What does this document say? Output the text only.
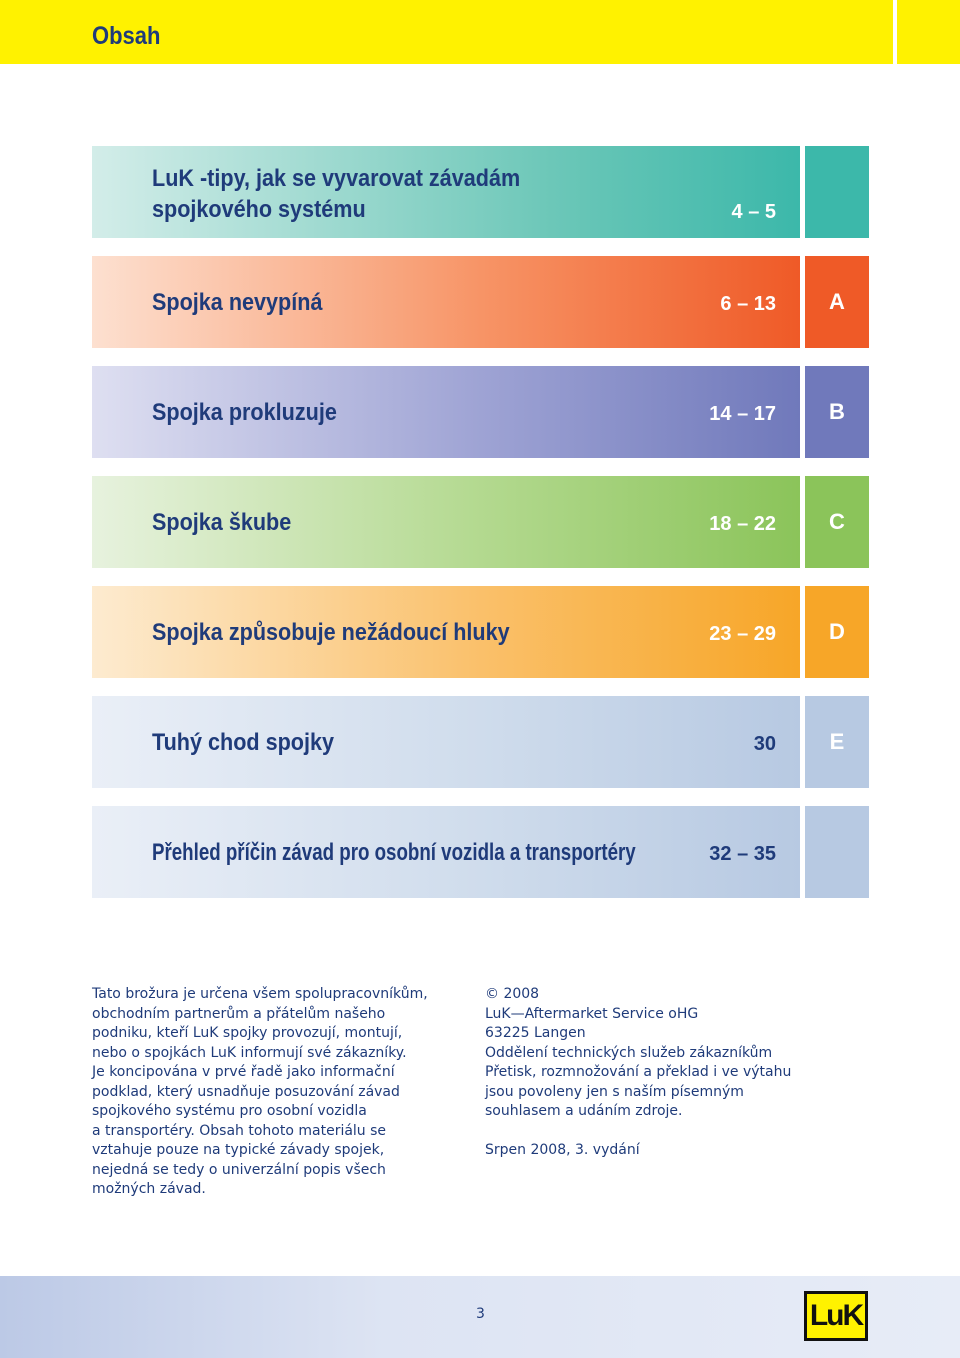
Obsah
LuK -tipy, jak se vyvarovat závadám
spojkového systému	4 – 5
Spojka nevypíná	6 – 13	A
Spojka prokluzuje	14 – 17	B
Spojka škube	18 – 22	C
Spojka způsobuje nežádoucí hluky	23 – 29	D
Tuhý chod spojky	30	E
Přehled příčin závad pro osobní vozidla a transportéry	32 – 35

Tato brožura je určena všem spolupracovníkům,

obchodním partnerům a přátelům našeho

podniku, kteří LuK spojky provozují, montují,

nebo o spojkách LuK informují své zákazníky.

Je koncipována v prvé řadě jako informační

podklad, který usnadňuje posuzování závad

spojkového systému pro osobní vozidla

a transportéry. Obsah tohoto materiálu se

vztahuje pouze na typické závady spojek,

nejedná se tedy o univerzální popis všech

možných závad.

© 2008

LuK—Aftermarket Service oHG

63225 Langen

Oddělení technických služeb zákazníkům

Přetisk, rozmnožování a překlad i ve výtahu

jsou povoleny jen s naším písemným

souhlasem a udáním zdroje.

Srpen 2008, 3. vydání

3	LuK
